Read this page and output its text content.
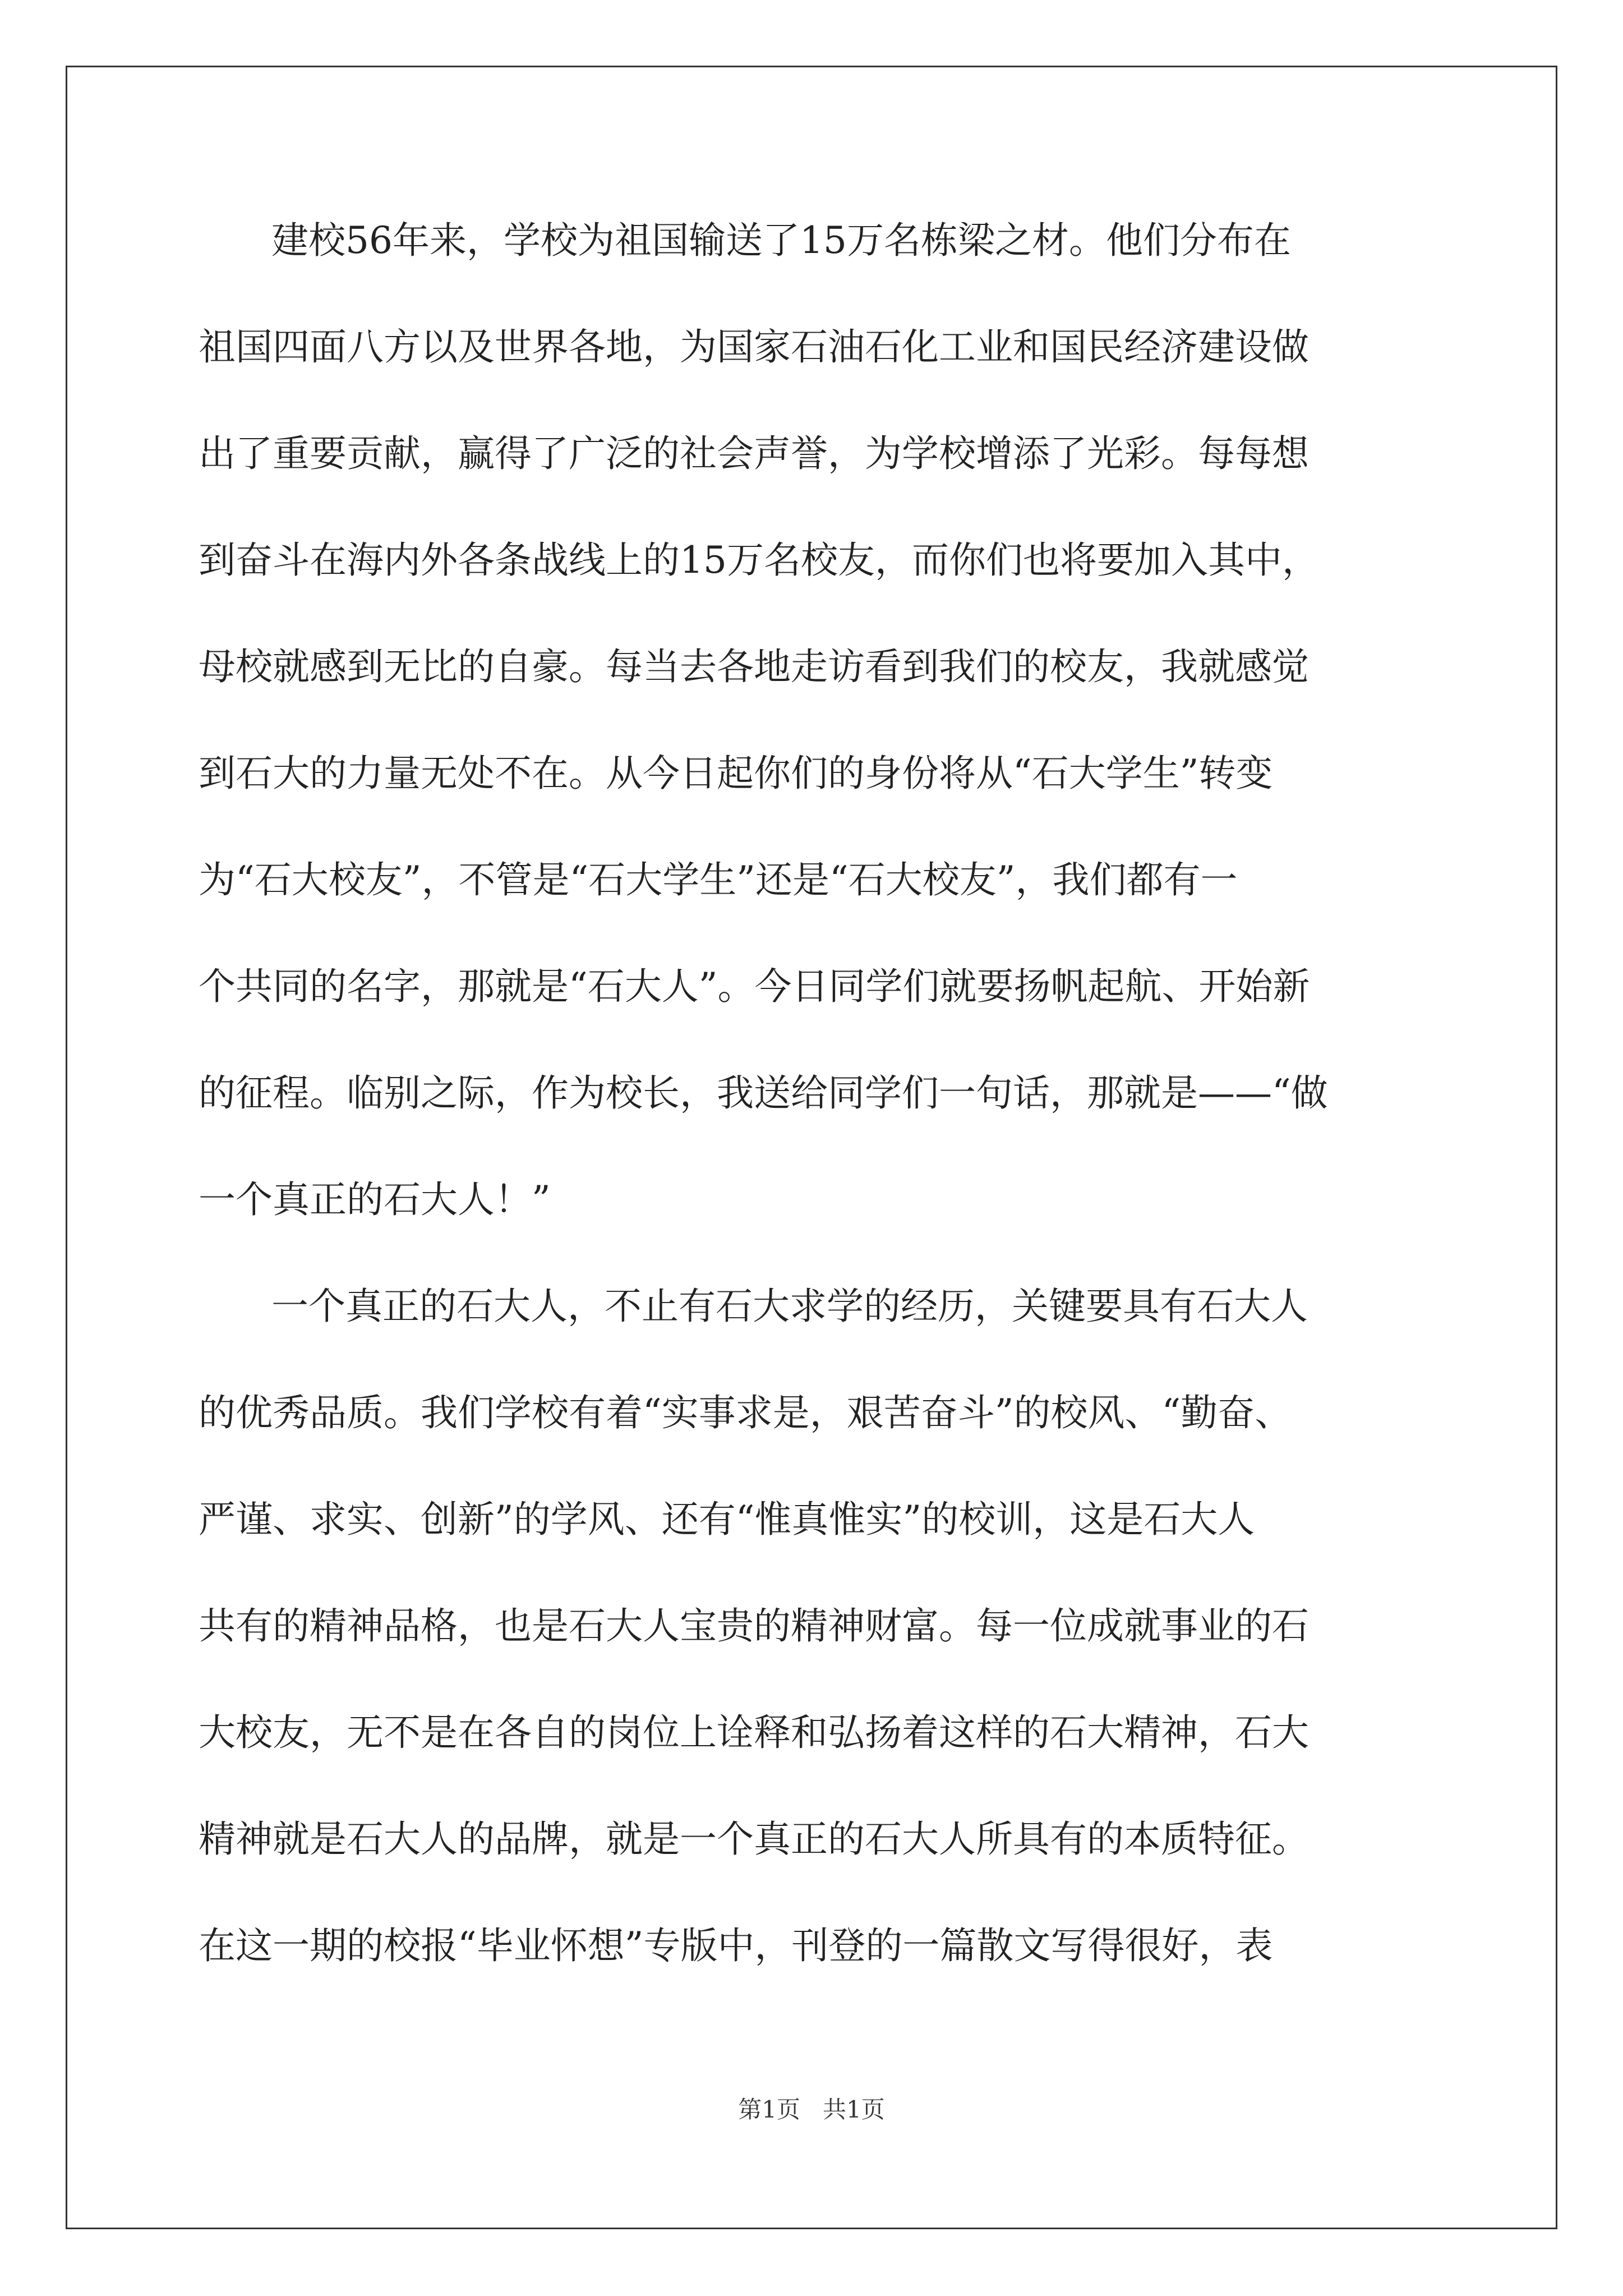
建校56年来，学校为祖国输送了15万名栋梁之材。他们分布在
祖国四面八方以及世界各地，为国家石油石化工业和国民经济建设做
出了重要贡献，赢得了广泛的社会声誉，为学校增添了光彩。每每想
到奋斗在海内外各条战线上的15万名校友，而你们也将要加入其中，
母校就感到无比的自豪。每当去各地走访看到我们的校友，我就感觉
到石大的力量无处不在。从今日起你们的身份将从“石大学生”转变
为“石大校友”，不管是“石大学生”还是“石大校友”，我们都有一
个共同的名字，那就是“石大人”。今日同学们就要扬帆起航、开始新
的征程。临别之际，作为校长，我送给同学们一句话，那就是——“做
一个真正的石大人！”
一个真正的石大人，不止有石大求学的经历，关键要具有石大人
的优秀品质。我们学校有着“实事求是，艰苦奋斗”的校风、“勤奋、
严谨、求实、创新”的学风、还有“惟真惟实”的校训，这是石大人
共有的精神品格，也是石大人宝贵的精神财富。每一位成就事业的石
大校友，无不是在各自的岗位上诠释和弘扬着这样的石大精神，石大
精神就是石大人的品牌，就是一个真正的石大人所具有的本质特征。
在这一期的校报“毕业怀想”专版中，刊登的一篇散文写得很好，表
第1页   共1页
